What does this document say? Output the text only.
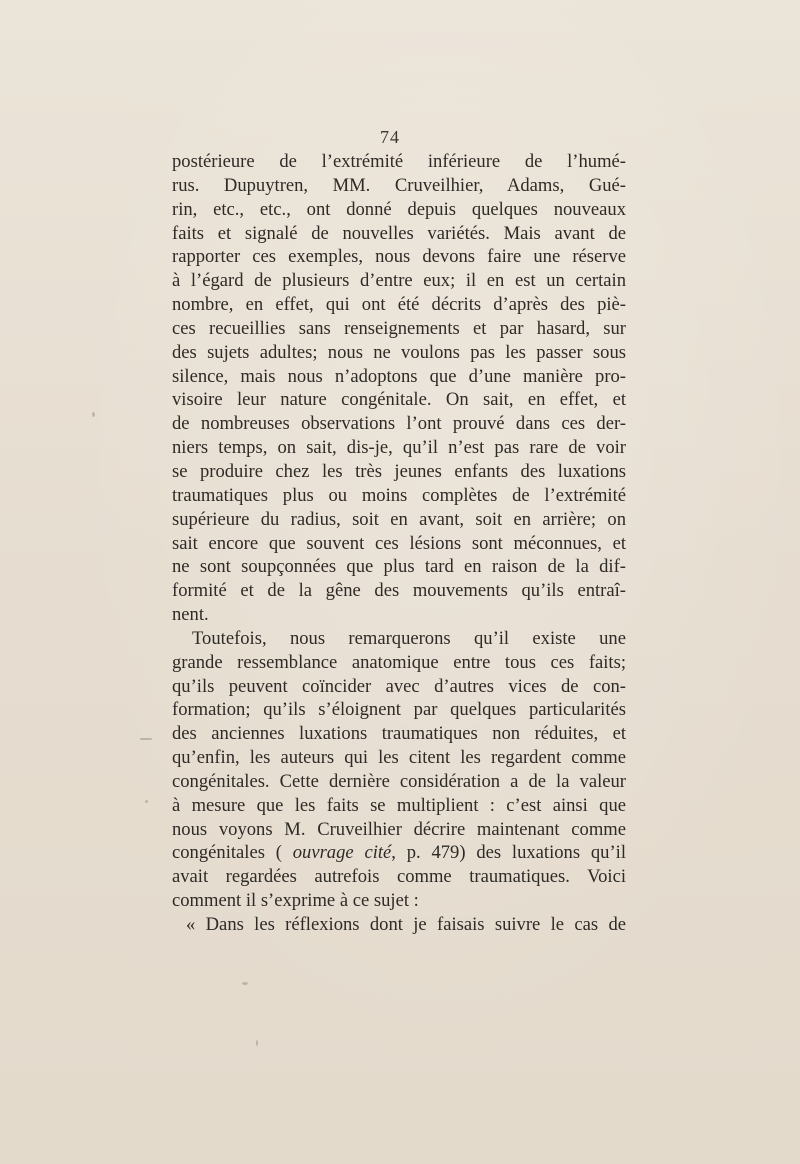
74
postérieure de l’extrémité inférieure de l’humé-
rus. Dupuytren, MM. Cruveilhier, Adams, Gué-
rin, etc., etc., ont donné depuis quelques nouveaux
faits et signalé de nouvelles variétés. Mais avant de
rapporter ces exemples, nous devons faire une réserve
à l’égard de plusieurs d’entre eux; il en est un certain
nombre, en effet, qui ont été décrits d’après des piè-
ces recueillies sans renseignements et par hasard, sur
des sujets adultes; nous ne voulons pas les passer sous
silence, mais nous n’adoptons que d’une manière pro-
visoire leur nature congénitale. On sait, en effet, et
de nombreuses observations l’ont prouvé dans ces der-
niers temps, on sait, dis-je, qu’il n’est pas rare de voir
se produire chez les très jeunes enfants des luxations
traumatiques plus ou moins complètes de l’extrémité
supérieure du radius, soit en avant, soit en arrière; on
sait encore que souvent ces lésions sont méconnues, et
ne sont soupçonnées que plus tard en raison de la dif-
formité et de la gêne des mouvements qu’ils entraî-
nent.
Toutefois, nous remarquerons qu’il existe une
grande ressemblance anatomique entre tous ces faits;
qu’ils peuvent coïncider avec d’autres vices de con-
formation; qu’ils s’éloignent par quelques particularités
des anciennes luxations traumatiques non réduites, et
qu’enfin, les auteurs qui les citent les regardent comme
congénitales. Cette dernière considération a de la valeur
à mesure que les faits se multiplient : c’est ainsi que
nous voyons M. Cruveilhier décrire maintenant comme
congénitales ( ouvrage cité, p. 479) des luxations qu’il
avait regardées autrefois comme traumatiques. Voici
comment il s’exprime à ce sujet :
« Dans les réflexions dont je faisais suivre le cas de
